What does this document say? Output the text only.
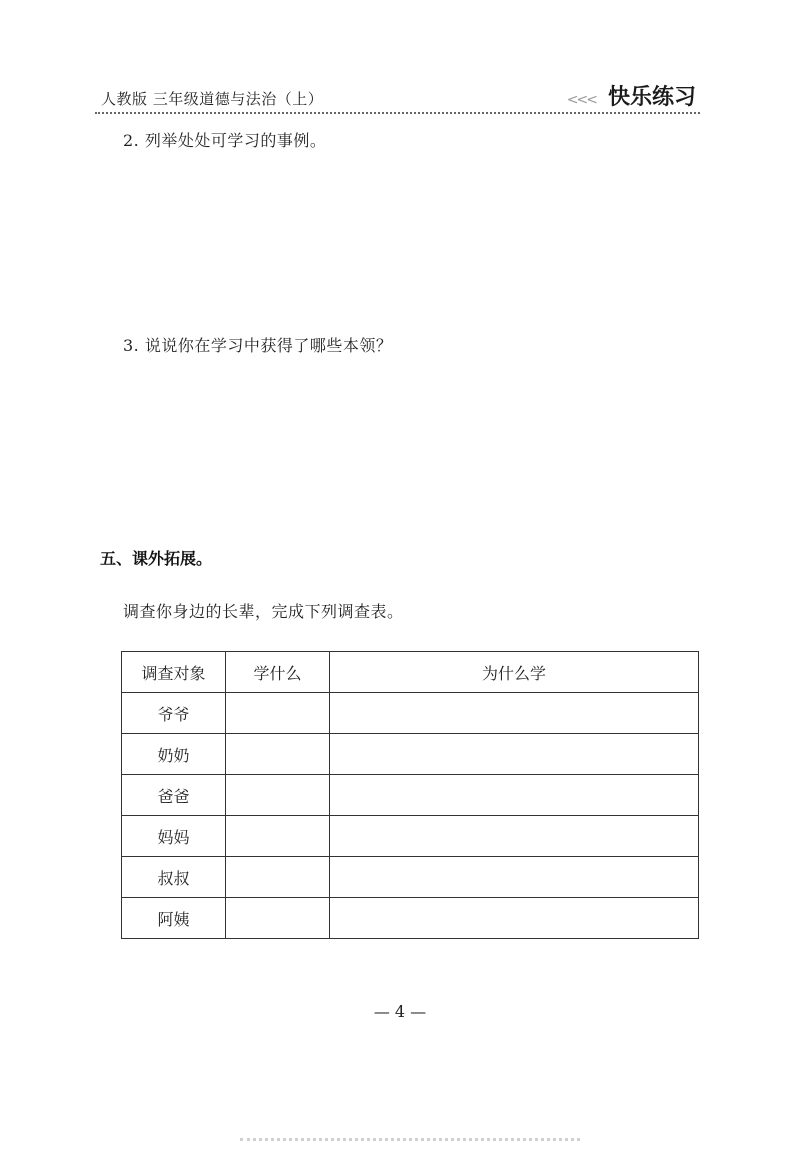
人教版 三年级道德与法治（上）	<<< 快乐练习
2. 列举处处可学习的事例。
3. 说说你在学习中获得了哪些本领？
五、课外拓展。
调查你身边的长辈，完成下列调查表。
调查对象	学什么	为什么学
爷爷		
奶奶		
爸爸		
妈妈		
叔叔		
阿姨		
— 4 —
